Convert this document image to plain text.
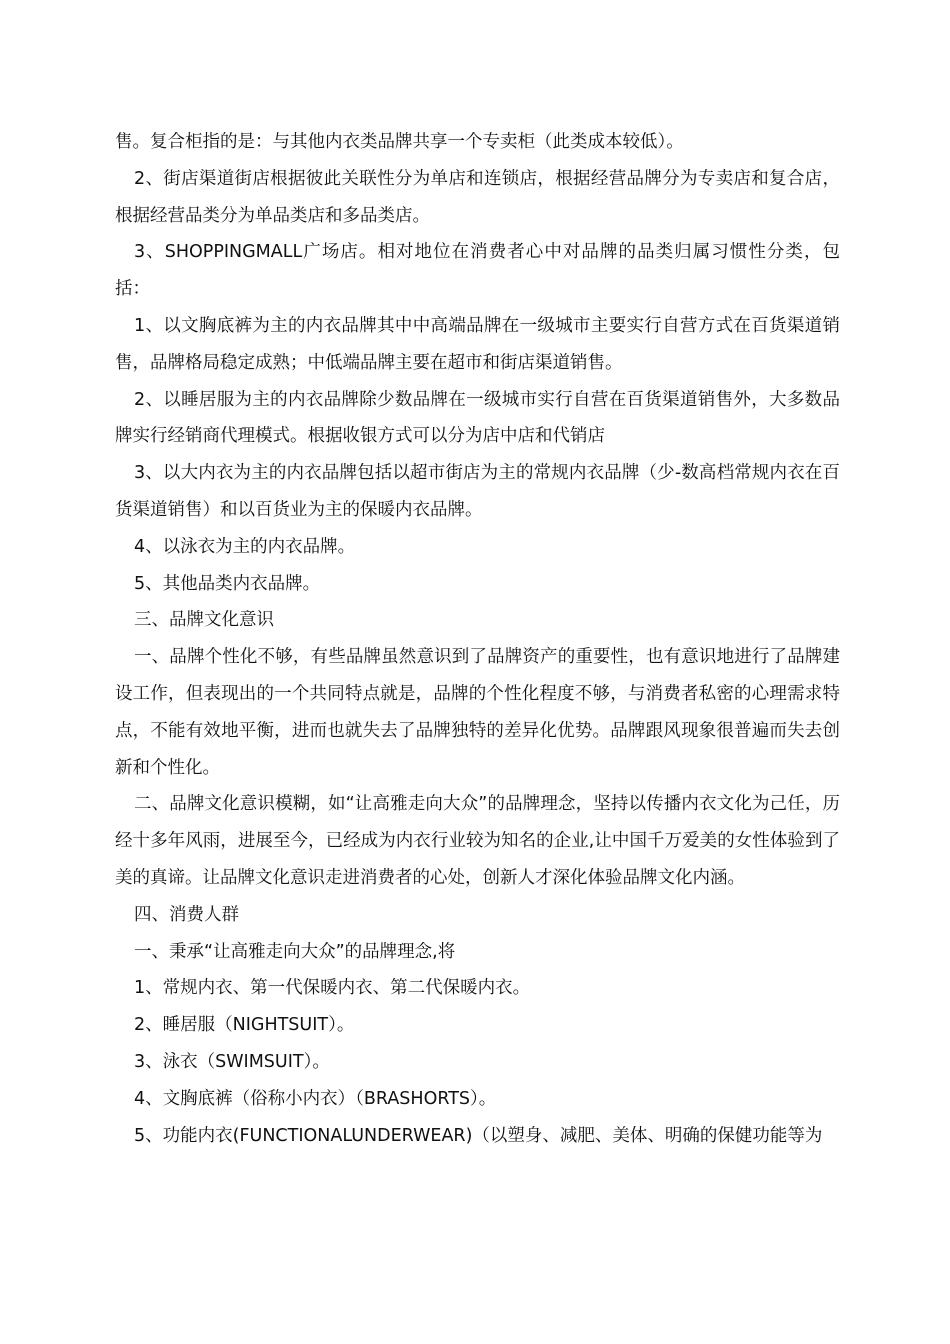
售。复合柜指的是：与其他内衣类品牌共享一个专卖柜（此类成本较低）。

2、街店渠道街店根据彼此关联性分为单店和连锁店，根据经营品牌分为专卖店和复合店，根据经营品类分为单品类店和多品类店。

3、SHOPPINGMALL广场店。相对地位在消费者心中对品牌的品类归属习惯性分类，包括：

1、以文胸底裤为主的内衣品牌其中中高端品牌在一级城市主要实行自营方式在百货渠道销售，品牌格局稳定成熟；中低端品牌主要在超市和街店渠道销售。

2、以睡居服为主的内衣品牌除少数品牌在一级城市实行自营在百货渠道销售外，大多数品牌实行经销商代理模式。根据收银方式可以分为店中店和代销店

3、以大内衣为主的内衣品牌包括以超市街店为主的常规内衣品牌（少-数高档常规内衣在百货渠道销售）和以百货业为主的保暖内衣品牌。

4、以泳衣为主的内衣品牌。

5、其他品类内衣品牌。

三、品牌文化意识

一、品牌个性化不够，有些品牌虽然意识到了品牌资产的重要性，也有意识地进行了品牌建设工作，但表现出的一个共同特点就是，品牌的个性化程度不够，与消费者私密的心理需求特点，不能有效地平衡，进而也就失去了品牌独特的差异化优势。品牌跟风现象很普遍而失去创新和个性化。

二、品牌文化意识模糊，如“让高雅走向大众”的品牌理念，坚持以传播内衣文化为己任，历经十多年风雨，进展至今，已经成为内衣行业较为知名的企业,让中国千万爱美的女性体验到了美的真谛。让品牌文化意识走进消费者的心处，创新人才深化体验品牌文化内涵。

四、消费人群

一、秉承“让高雅走向大众”的品牌理念,将

1、常规内衣、第一代保暖内衣、第二代保暖内衣。

2、睡居服（NIGHTSUIT）。

3、泳衣（SWIMSUIT）。

4、文胸底裤（俗称小内衣）（BRASHORTS）。

5、功能内衣(FUNCTIONALUNDERWEAR)（以塑身、减肥、美体、明确的保健功能等为
